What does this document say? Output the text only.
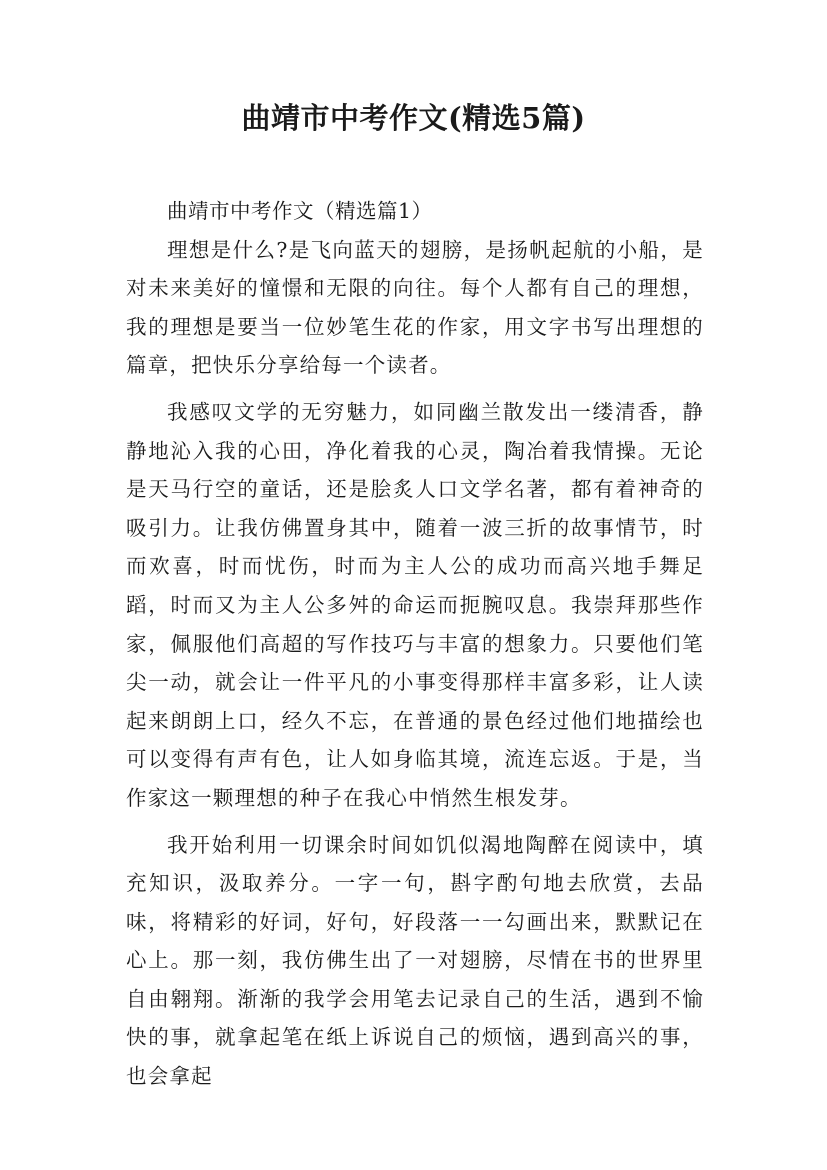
曲靖市中考作文(精选5篇)

曲靖市中考作文（精选篇1）

理想是什么?是飞向蓝天的翅膀，是扬帆起航的小船，是对未来美好的憧憬和无限的向往。每个人都有自己的理想，我的理想是要当一位妙笔生花的作家，用文字书写出理想的篇章，把快乐分享给每一个读者。

我感叹文学的无穷魅力，如同幽兰散发出一缕清香，静静地沁入我的心田，净化着我的心灵，陶冶着我情操。无论是天马行空的童话，还是脍炙人口文学名著，都有着神奇的吸引力。让我仿佛置身其中，随着一波三折的故事情节，时而欢喜，时而忧伤，时而为主人公的成功而高兴地手舞足蹈，时而又为主人公多舛的命运而扼腕叹息。我崇拜那些作家，佩服他们高超的写作技巧与丰富的想象力。只要他们笔尖一动，就会让一件平凡的小事变得那样丰富多彩，让人读起来朗朗上口，经久不忘，在普通的景色经过他们地描绘也可以变得有声有色，让人如身临其境，流连忘返。于是，当作家这一颗理想的种子在我心中悄然生根发芽。

我开始利用一切课余时间如饥似渴地陶醉在阅读中，填充知识，汲取养分。一字一句，斟字酌句地去欣赏，去品味，将精彩的好词，好句，好段落一一勾画出来，默默记在心上。那一刻，我仿佛生出了一对翅膀，尽情在书的世界里自由翱翔。渐渐的我学会用笔去记录自己的生活，遇到不愉快的事，就拿起笔在纸上诉说自己的烦恼，遇到高兴的事，也会拿起
